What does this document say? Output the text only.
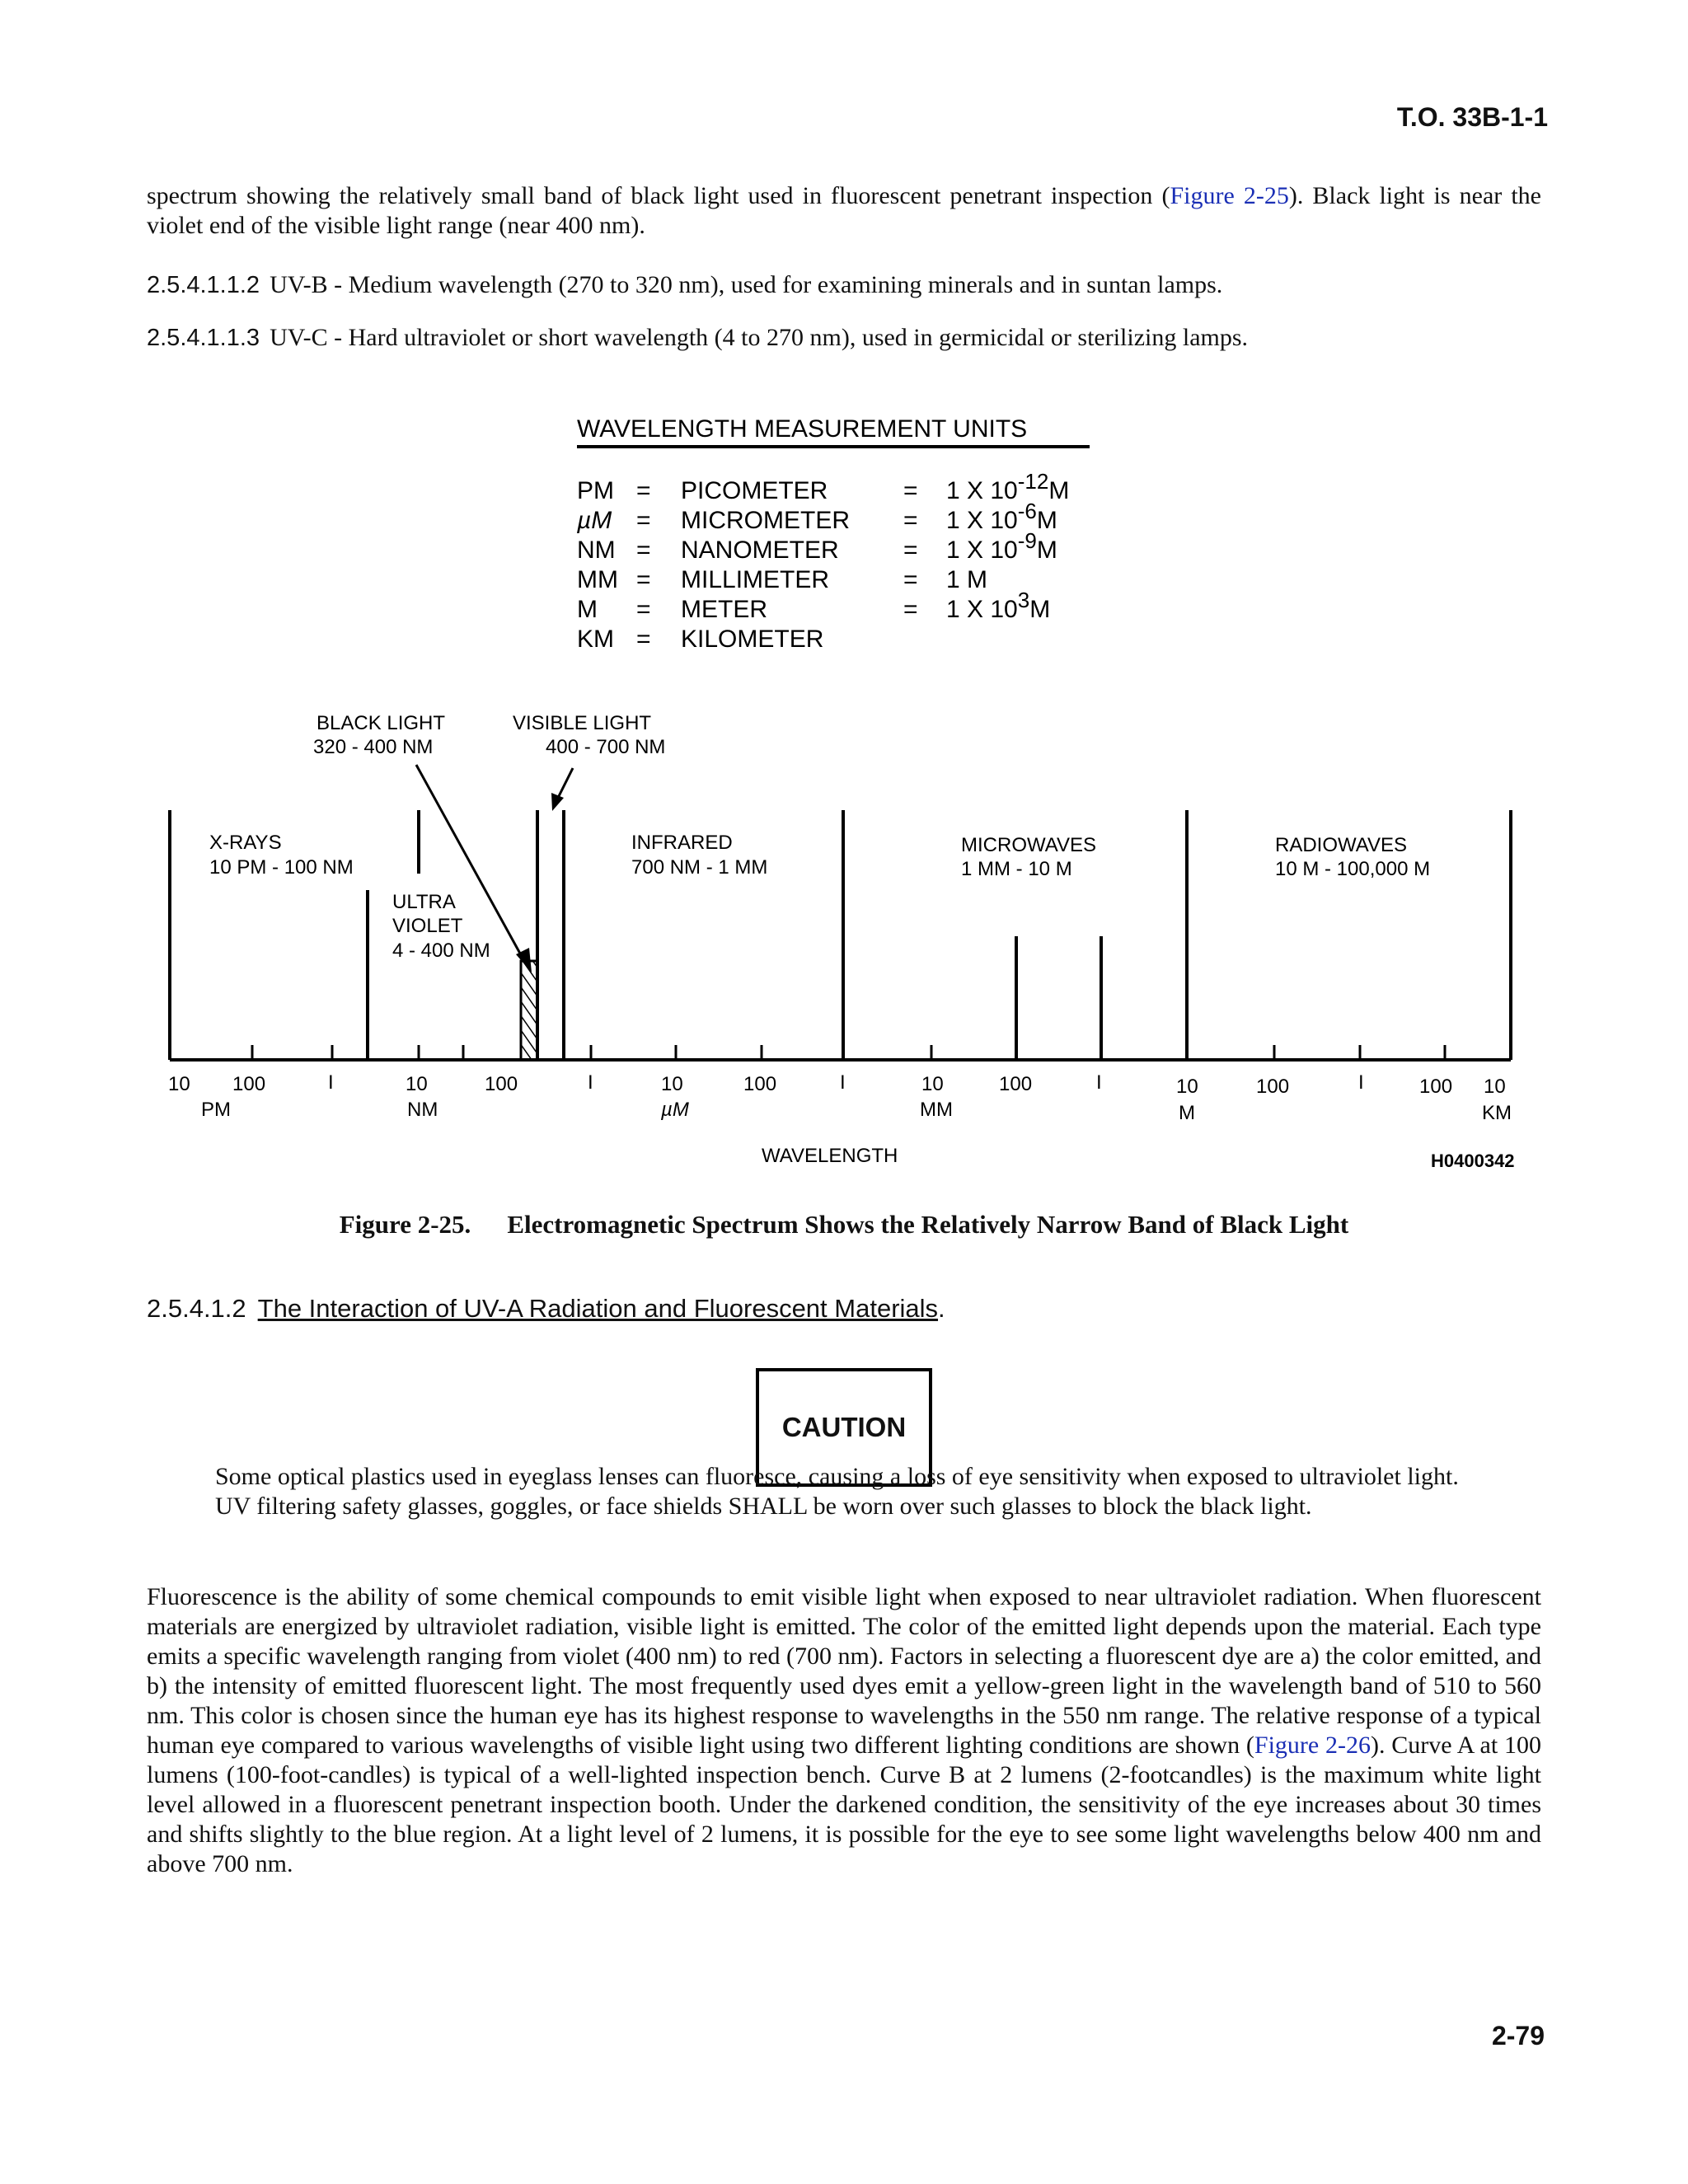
T.O. 33B-1-1
spectrum showing the relatively small band of black light used in fluorescent penetrant inspection (Figure 2-25). Black light is near the violet end of the visible light range (near 400 nm).
2.5.4.1.1.2 UV-B - Medium wavelength (270 to 320 nm), used for examining minerals and in suntan lamps.
2.5.4.1.1.3 UV-C - Hard ultraviolet or short wavelength (4 to 270 nm), used in germicidal or sterilizing lamps.
WAVELENGTH MEASUREMENT UNITS
PM = PICOMETER	= 1 X 10-12M
µM = MICROMETER = 1 X 10-6M
NM = NANOMETER	= 1 X 10-9M
MM = MILLIMETER	= 1 M
M = METER	= 1 X 103M
KM = KILOMETER
BLACK LIGHT
320 - 400 NM
VISIBLE LIGHT
400 - 700 NM
X-RAYS
10 PM - 100 NM
ULTRA
VIOLET
4 - 400 NM
INFRARED
700 NM - 1 MM
MICROWAVES
1 MM - 10 M
RADIOWAVES
10 M - 100,000 M
10 100
PM
I	10
NM
100	I	10
µM
100	I	10
MM
100	I	10
M
100	I	100 10
KM
WAVELENGTH	H0400342
Figure 2-25. Electromagnetic Spectrum Shows the Relatively Narrow Band of Black Light
2.5.4.1.2 The Interaction of UV-A Radiation and Fluorescent Materials.
CAUTION
Some optical plastics used in eyeglass lenses can fluoresce, causing a loss of eye sensitivity when exposed to ultraviolet light. UV filtering safety glasses, goggles, or face shields SHALL be worn over such glasses to block the black light.
Fluorescence is the ability of some chemical compounds to emit visible light when exposed to near ultraviolet radiation. When fluorescent materials are energized by ultraviolet radiation, visible light is emitted. The color of the emitted light depends upon the material. Each type emits a specific wavelength ranging from violet (400 nm) to red (700 nm). Factors in selecting a fluorescent dye are a) the color emitted, and b) the intensity of emitted fluorescent light. The most frequently used dyes emit a yellow-green light in the wavelength band of 510 to 560 nm. This color is chosen since the human eye has its highest response to wavelengths in the 550 nm range. The relative response of a typical human eye compared to various wavelengths of visible light using two different lighting conditions are shown (Figure 2-26). Curve A at 100 lumens (100-foot-candles) is typical of a well-lighted inspection bench. Curve B at 2 lumens (2-footcandles) is the maximum white light level allowed in a fluorescent penetrant inspection booth. Under the darkened condition, the sensitivity of the eye increases about 30 times and shifts slightly to the blue region. At a light level of 2 lumens, it is possible for the eye to see some light wavelengths below 400 nm and above 700 nm.
2-79
